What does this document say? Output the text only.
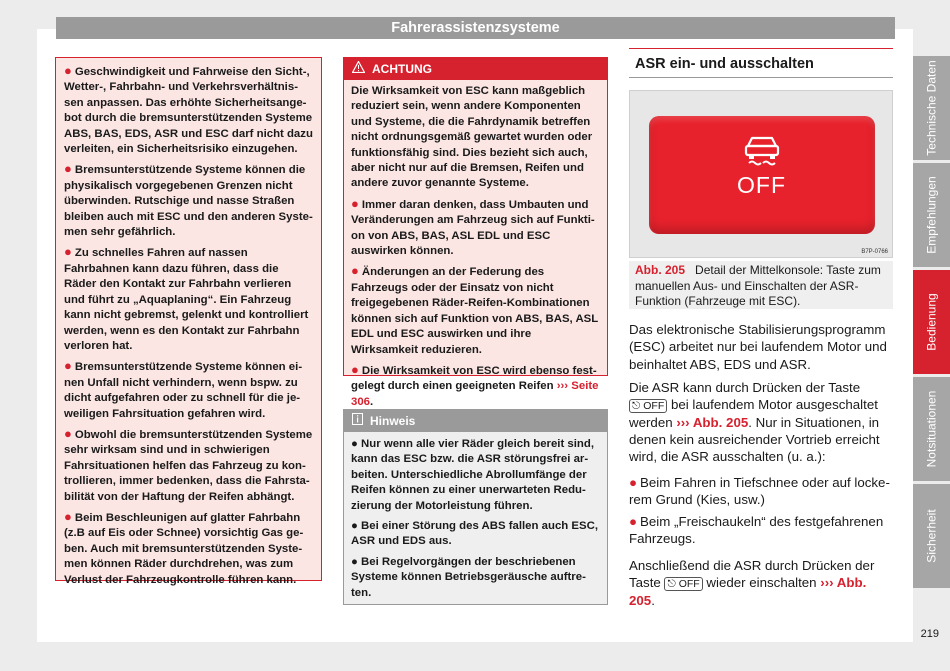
Fahrerassistenzsysteme

● Geschwindigkeit und Fahrweise den Sicht-, Wetter-, Fahrbahn- und Verkehrsverhältnissen anpassen. Das erhöhte Sicherheitsangebot durch die bremsunterstützenden Systeme ABS, BAS, EDS, ASR und ESC darf nicht dazu verleiten, ein Sicherheitsrisiko einzugehen.

● Bremsunterstützende Systeme können die physikalisch vorgegebenen Grenzen nicht überwinden. Rutschige und nasse Straßen bleiben auch mit ESC und den anderen Systemen sehr gefährlich.

● Zu schnelles Fahren auf nassen Fahrbahnen kann dazu führen, dass die Räder den Kontakt zur Fahrbahn verlieren und führt zu „Aquaplaning“. Ein Fahrzeug kann nicht gebremst, gelenkt und kontrolliert werden, wenn es den Kontakt zur Fahrbahn verloren hat.

● Bremsunterstützende Systeme können einen Unfall nicht verhindern, wenn bspw. zu dicht aufgefahren oder zu schnell für die jeweiligen Fahrsituation gefahren wird.

● Obwohl die bremsunterstützenden Systeme sehr wirksam sind und in schwierigen Fahrsituationen helfen das Fahrzeug zu kontrollieren, immer bedenken, dass die Fahrstabilität von der Haftung der Reifen abhängt.

● Beim Beschleunigen auf glatter Fahrbahn (z.B auf Eis oder Schnee) vorsichtig Gas geben. Auch mit bremsunterstützenden Systemen können Räder durchdrehen, was zum Verlust der Fahrzeugkontrolle führen kann.

ACHTUNG

Die Wirksamkeit von ESC kann maßgeblich reduziert sein, wenn andere Komponenten und Systeme, die die Fahrdynamik betreffen nicht ordnungsgemäß gewartet wurden oder funktionsfähig sind. Dies bezieht sich auch, aber nicht nur auf die Bremsen, Reifen und andere zuvor genannte Systeme.

● Immer daran denken, dass Umbauten und Veränderungen am Fahrzeug sich auf Funktion von ABS, BAS, ASL EDL und ESC auswirken können.

● Änderungen an der Federung des Fahrzeugs oder der Einsatz von nicht freigegebenen Räder-Reifen-Kombinationen können sich auf Funktion von ABS, BAS, ASL EDL und ESC auswirken und ihre Wirksamkeit reduzieren.

● Die Wirksamkeit von ESC wird ebenso festgelegt durch einen geeigneten Reifen ››› Seite 306.

Hinweis

● Nur wenn alle vier Räder gleich bereit sind, kann das ESC bzw. die ASR störungsfrei arbeiten. Unterschiedliche Abrollumfänge der Reifen können zu einer unerwarteten Reduzierung der Motorleistung führen.

● Bei einer Störung des ABS fallen auch ESC, ASR und EDS aus.

● Bei Regelvorgängen der beschriebenen Systeme können Betriebsgeräusche auftreten.

ASR ein- und ausschalten
OFF
B7P-0766
Abb. 205 Detail der Mittelkonsole: Taste zum manuellen Aus- und Einschalten der ASR-Funktion (Fahrzeuge mit ESC).
Das elektronische Stabilisierungsprogramm (ESC) arbeitet nur bei laufendem Motor und beinhaltet ABS, EDS und ASR.
Die ASR kann durch Drücken der Taste ⎋ OFF bei laufendem Motor ausgeschaltet werden ››› Abb. 205. Nur in Situationen, in denen kein ausreichender Vortrieb erreicht wird, die ASR ausschalten (u. a.):
● Beim Fahren in Tiefschnee oder auf lockerem Grund (Kies, usw.)
● Beim „Freischaukeln“ des festgefahrenen Fahrzeugs.
Anschließend die ASR durch Drücken der Taste ⎋ OFF wieder einschalten ››› Abb. 205.
Technische Daten
Empfehlungen
Bedienung
Notsituationen
Sicherheit
219
